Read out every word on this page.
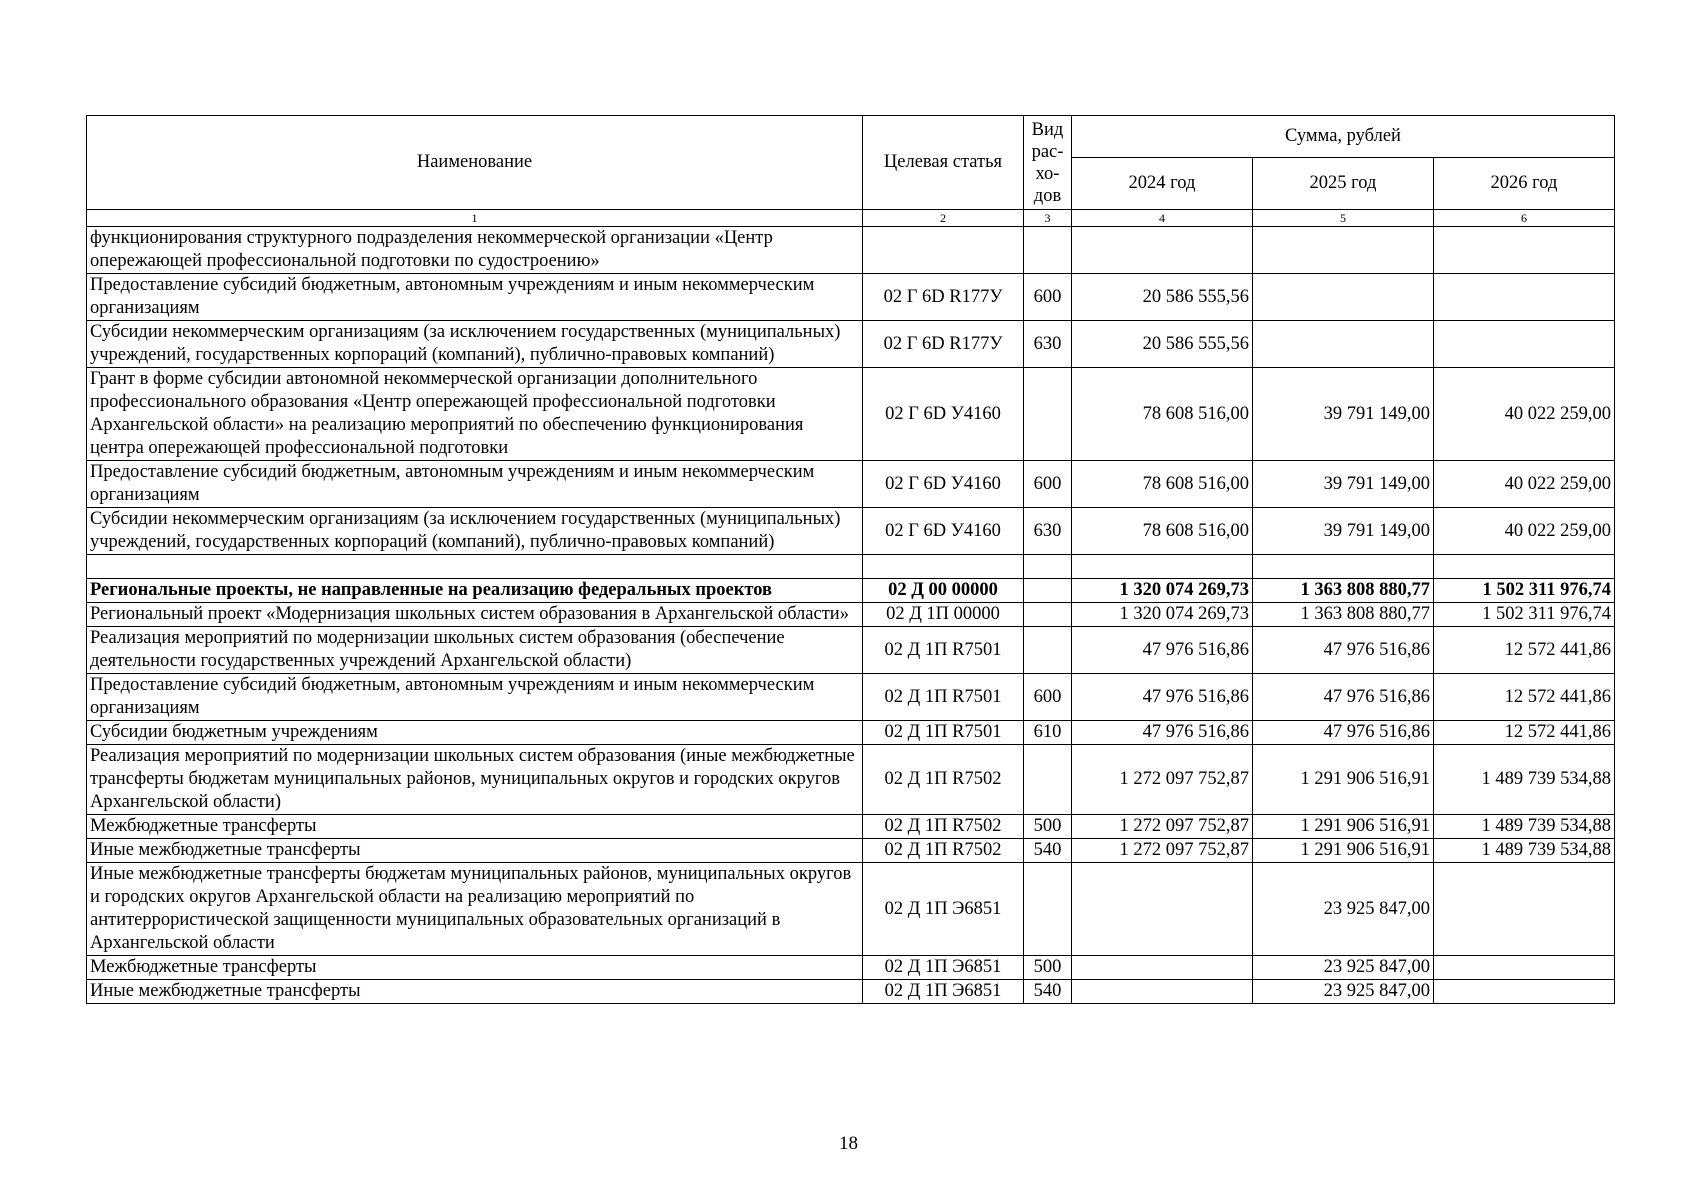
Наименование	Целевая статья	Вид
рас-
хо-
дов	Сумма, рублей		
			2024 год	2025 год	2026 год
1	2	3	4	5	6
функционирования структурного подразделения некоммерческой организации «Центр опережающей профессиональной подготовки по судостроению»					
Предоставление субсидий бюджетным, автономным учреждениям и иным некоммерческим организациям	02 Г 6D R177У	600	20 586 555,56		
Субсидии некоммерческим организациям (за исключением государственных (муниципальных) учреждений, государственных корпораций (компаний), публично-правовых компаний)	02 Г 6D R177У	630	20 586 555,56		
Грант в форме субсидии автономной некоммерческой организации дополнительного профессионального образования «Центр опережающей профессиональной подготовки Архангельской области» на реализацию мероприятий по обеспечению функционирования центра опережающей профессиональной подготовки	02 Г 6D У4160		78 608 516,00	39 791 149,00	40 022 259,00
Предоставление субсидий бюджетным, автономным учреждениям и иным некоммерческим организациям	02 Г 6D У4160	600	78 608 516,00	39 791 149,00	40 022 259,00
Субсидии некоммерческим организациям (за исключением государственных (муниципальных) учреждений, государственных корпораций (компаний), публично-правовых компаний)	02 Г 6D У4160	630	78 608 516,00	39 791 149,00	40 022 259,00

Региональные проекты, не направленные на реализацию федеральных проектов	02 Д 00 00000		1 320 074 269,73	1 363 808 880,77	1 502 311 976,74
Региональный проект «Модернизация школьных систем образования в Архангельской области»	02 Д 1П 00000		1 320 074 269,73	1 363 808 880,77	1 502 311 976,74
Реализация мероприятий по модернизации школьных систем образования (обеспечение деятельности государственных учреждений Архангельской области)	02 Д 1П R7501		47 976 516,86	47 976 516,86	12 572 441,86
Предоставление субсидий бюджетным, автономным учреждениям и иным некоммерческим организациям	02 Д 1П R7501	600	47 976 516,86	47 976 516,86	12 572 441,86
Субсидии бюджетным учреждениям	02 Д 1П R7501	610	47 976 516,86	47 976 516,86	12 572 441,86
Реализация мероприятий по модернизации школьных систем образования (иные межбюджетные трансферты бюджетам муниципальных районов, муниципальных округов и городских округов Архангельской области)	02 Д 1П R7502		1 272 097 752,87	1 291 906 516,91	1 489 739 534,88
Межбюджетные трансферты	02 Д 1П R7502	500	1 272 097 752,87	1 291 906 516,91	1 489 739 534,88
Иные межбюджетные трансферты	02 Д 1П R7502	540	1 272 097 752,87	1 291 906 516,91	1 489 739 534,88
Иные межбюджетные трансферты бюджетам муниципальных районов, муниципальных округов и городских округов Архангельской области на реализацию мероприятий по антитеррористической защищенности муниципальных образовательных организаций в Архангельской области	02 Д 1П Э6851			23 925 847,00	
Межбюджетные трансферты	02 Д 1П Э6851	500		23 925 847,00	
Иные межбюджетные трансферты	02 Д 1П Э6851	540		23 925 847,00	
18
